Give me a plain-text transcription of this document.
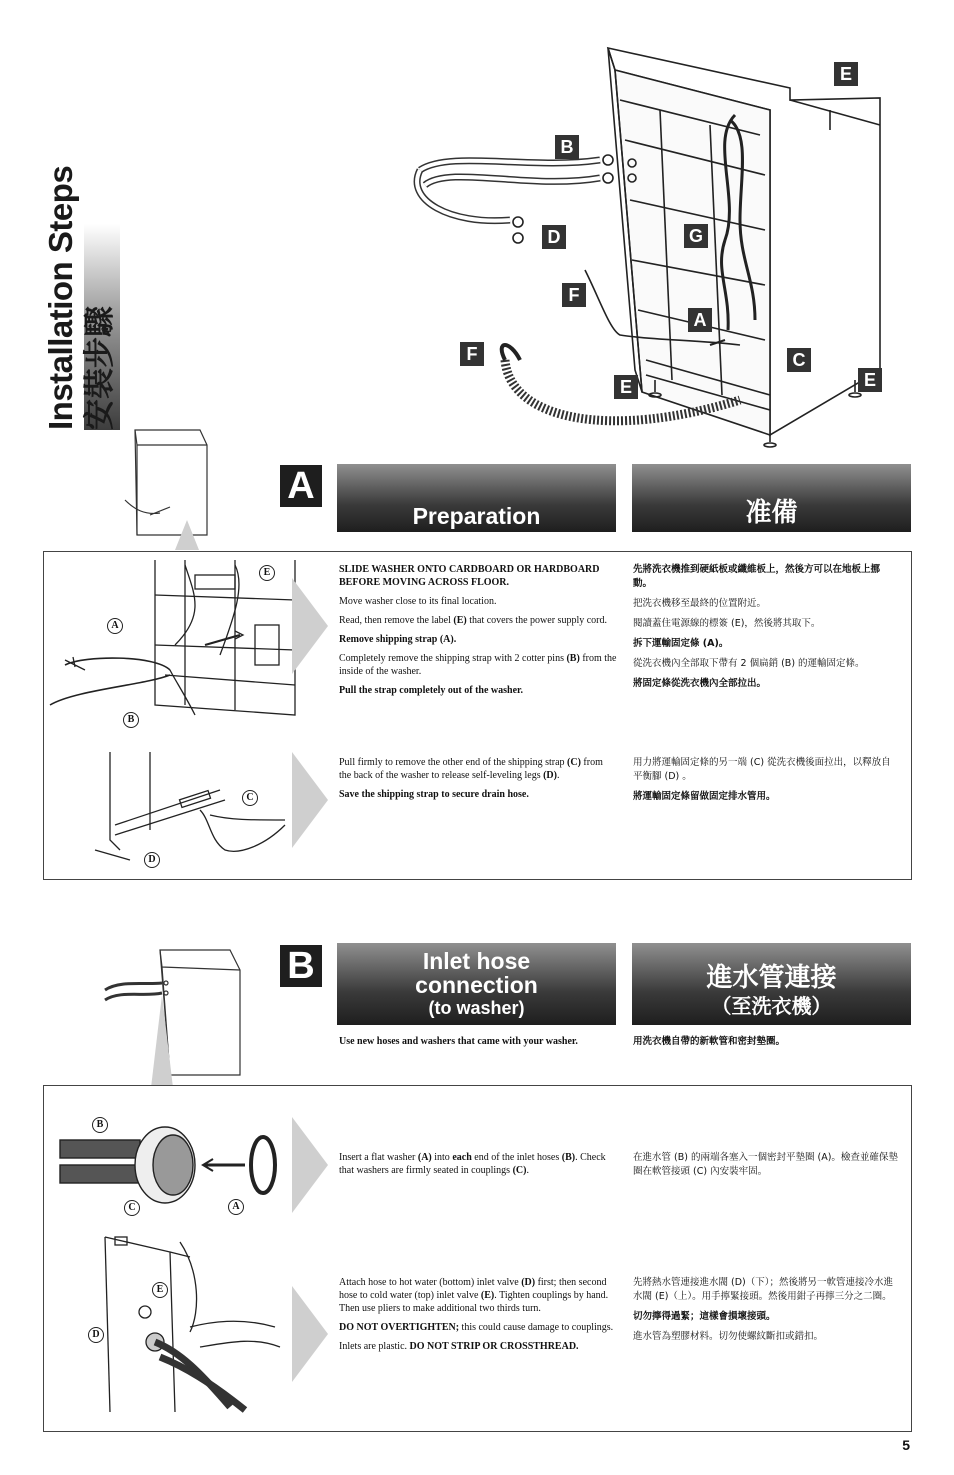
Installation Steps 安裝步驟
E
B
D	G
F
A
F
E
C
E
A
Preparation	准備
E
A
B

SLIDE WASHER ONTO CARDBOARD OR HARDBOARD BEFORE MOVING ACROSS FLOOR.

Move washer close to its final location.

Read, then remove the label (E) that covers the power supply cord.

Remove shipping strap (A).

Completely remove the shipping strap with 2 cotter pins (B) from the inside of the washer.

Pull the strap completely out of the washer.

先將洗衣機推到硬紙板或纖維板上，然後方可以在地板上挪動。

把洗衣機移至最終的位置附近。

閱讀蓋住電源線的標簽 (E)，然後將其取下。

拆下運輸固定條 (A)。

從洗衣機內全部取下帶有 2 個扁銷 (B) 的運輸固定條。

將固定條從洗衣機內全部拉出。

C
D

Pull firmly to remove the other end of the shipping strap (C) from the back of the washer to release self-leveling legs (D).

Save the shipping strap to secure drain hose.

用力將運輸固定條的另一端 (C) 從洗衣機後面拉出，以釋放自平衡腳 (D) 。

將運輸固定條留做固定排水管用。

B	Inlet hose
connection
(to washer)
進水管連接
（至洗衣機）
Use new hoses and washers that came with your washer.	用洗衣機自帶的新軟管和密封墊圈。
B
C	A

Insert a flat washer (A) into each end of the inlet hoses (B). Check that washers are firmly seated in couplings (C).

在進水管 (B) 的兩端各塞入一個密封平墊圈 (A)。檢查並確保墊圈在軟管接頭 (C) 內安裝牢固。

E
D

Attach hose to hot water (bottom) inlet valve (D) first; then second hose to cold water (top) inlet valve (E). Tighten couplings by hand. Then use pliers to make additional two thirds turn.

DO NOT OVERTIGHTEN; this could cause damage to couplings.

Inlets are plastic. DO NOT STRIP OR CROSSTHREAD.

先將熱水管連接進水閥 (D)（下）；然後將另一軟管連接冷水進水閥 (E)（上）。用手擰緊接頭。然後用鉗子再擰三分之二圈。

切勿擰得過緊；這樣會損壞接頭。

進水管為塑膠材料。切勿使螺紋斷扣或錯扣。

5
